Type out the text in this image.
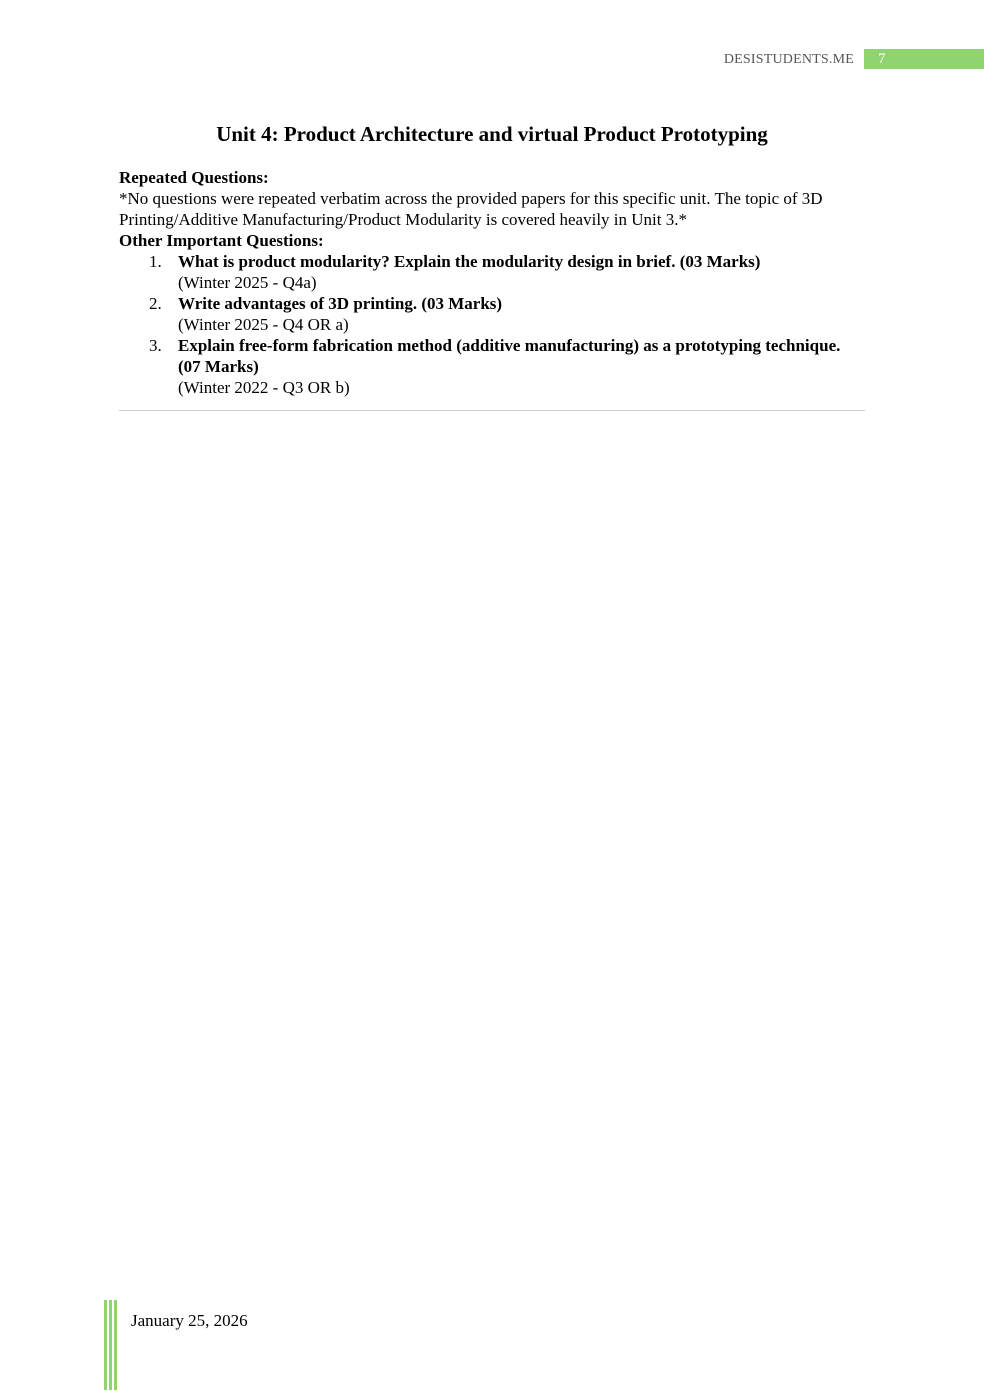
DESISTUDENTS.ME 7
Unit 4: Product Architecture and virtual Product Prototyping
Repeated Questions:

*No questions were repeated verbatim across the provided papers for this specific unit. The topic of 3D Printing/Additive Manufacturing/Product Modularity is covered heavily in Unit 3.*

Other Important Questions:
1. What is product modularity? Explain the modularity design in brief. (03 Marks)
(Winter 2025 - Q4a)
2. Write advantages of 3D printing. (03 Marks)
(Winter 2025 - Q4 OR a)
3. Explain free-form fabrication method (additive manufacturing) as a prototyping technique. (07 Marks)
(Winter 2022 - Q3 OR b)
January 25, 2026
